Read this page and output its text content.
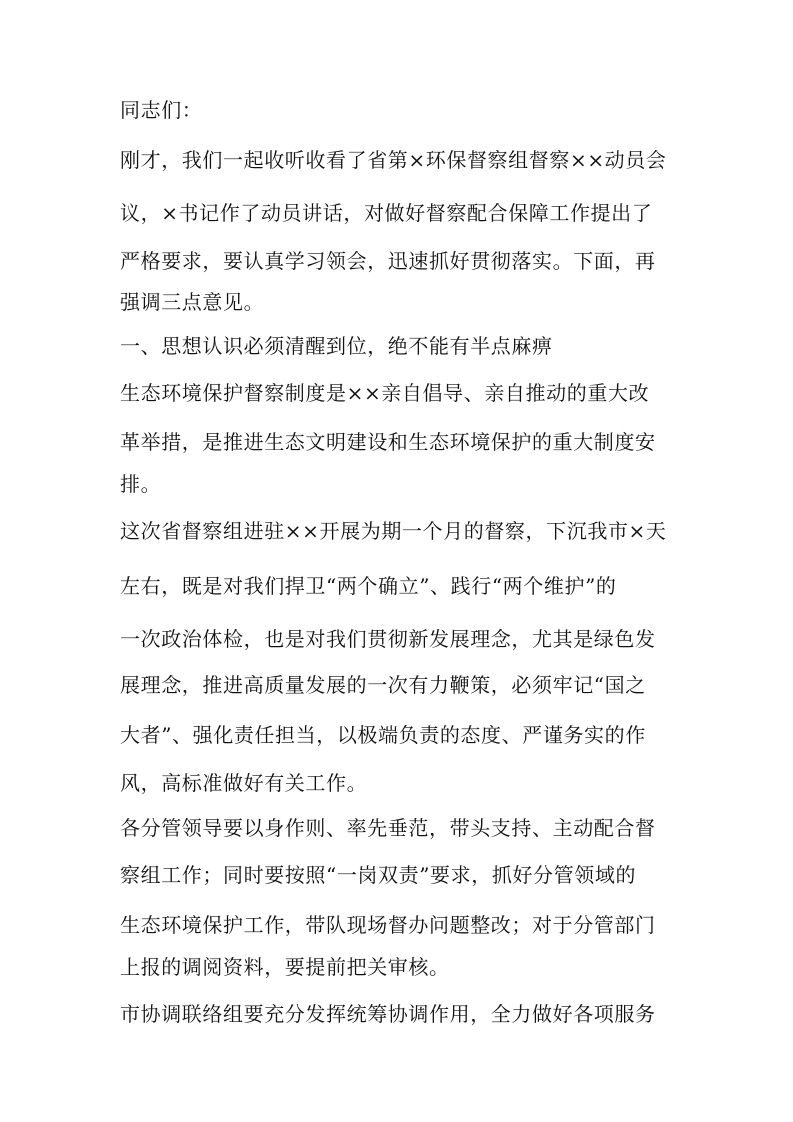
同志们：

刚才，我们一起收听收看了省第×环保督察组督察××动员会

议，×书记作了动员讲话，对做好督察配合保障工作提出了

严格要求，要认真学习领会，迅速抓好贯彻落实。下面，再

强调三点意见。

一、思想认识必须清醒到位，绝不能有半点麻痹

生态环境保护督察制度是××亲自倡导、亲自推动的重大改

革举措，是推进生态文明建设和生态环境保护的重大制度安

排。

这次省督察组进驻××开展为期一个月的督察，下沉我市×天

左右，既是对我们捍卫“两个确立”、践行“两个维护”的

一次政治体检，也是对我们贯彻新发展理念，尤其是绿色发

展理念，推进高质量发展的一次有力鞭策，必须牢记“国之

大者”、强化责任担当，以极端负责的态度、严谨务实的作

风，高标准做好有关工作。

各分管领导要以身作则、率先垂范，带头支持、主动配合督

察组工作；同时要按照“一岗双责”要求，抓好分管领域的

生态环境保护工作，带队现场督办问题整改；对于分管部门

上报的调阅资料，要提前把关审核。

市协调联络组要充分发挥统筹协调作用，全力做好各项服务
